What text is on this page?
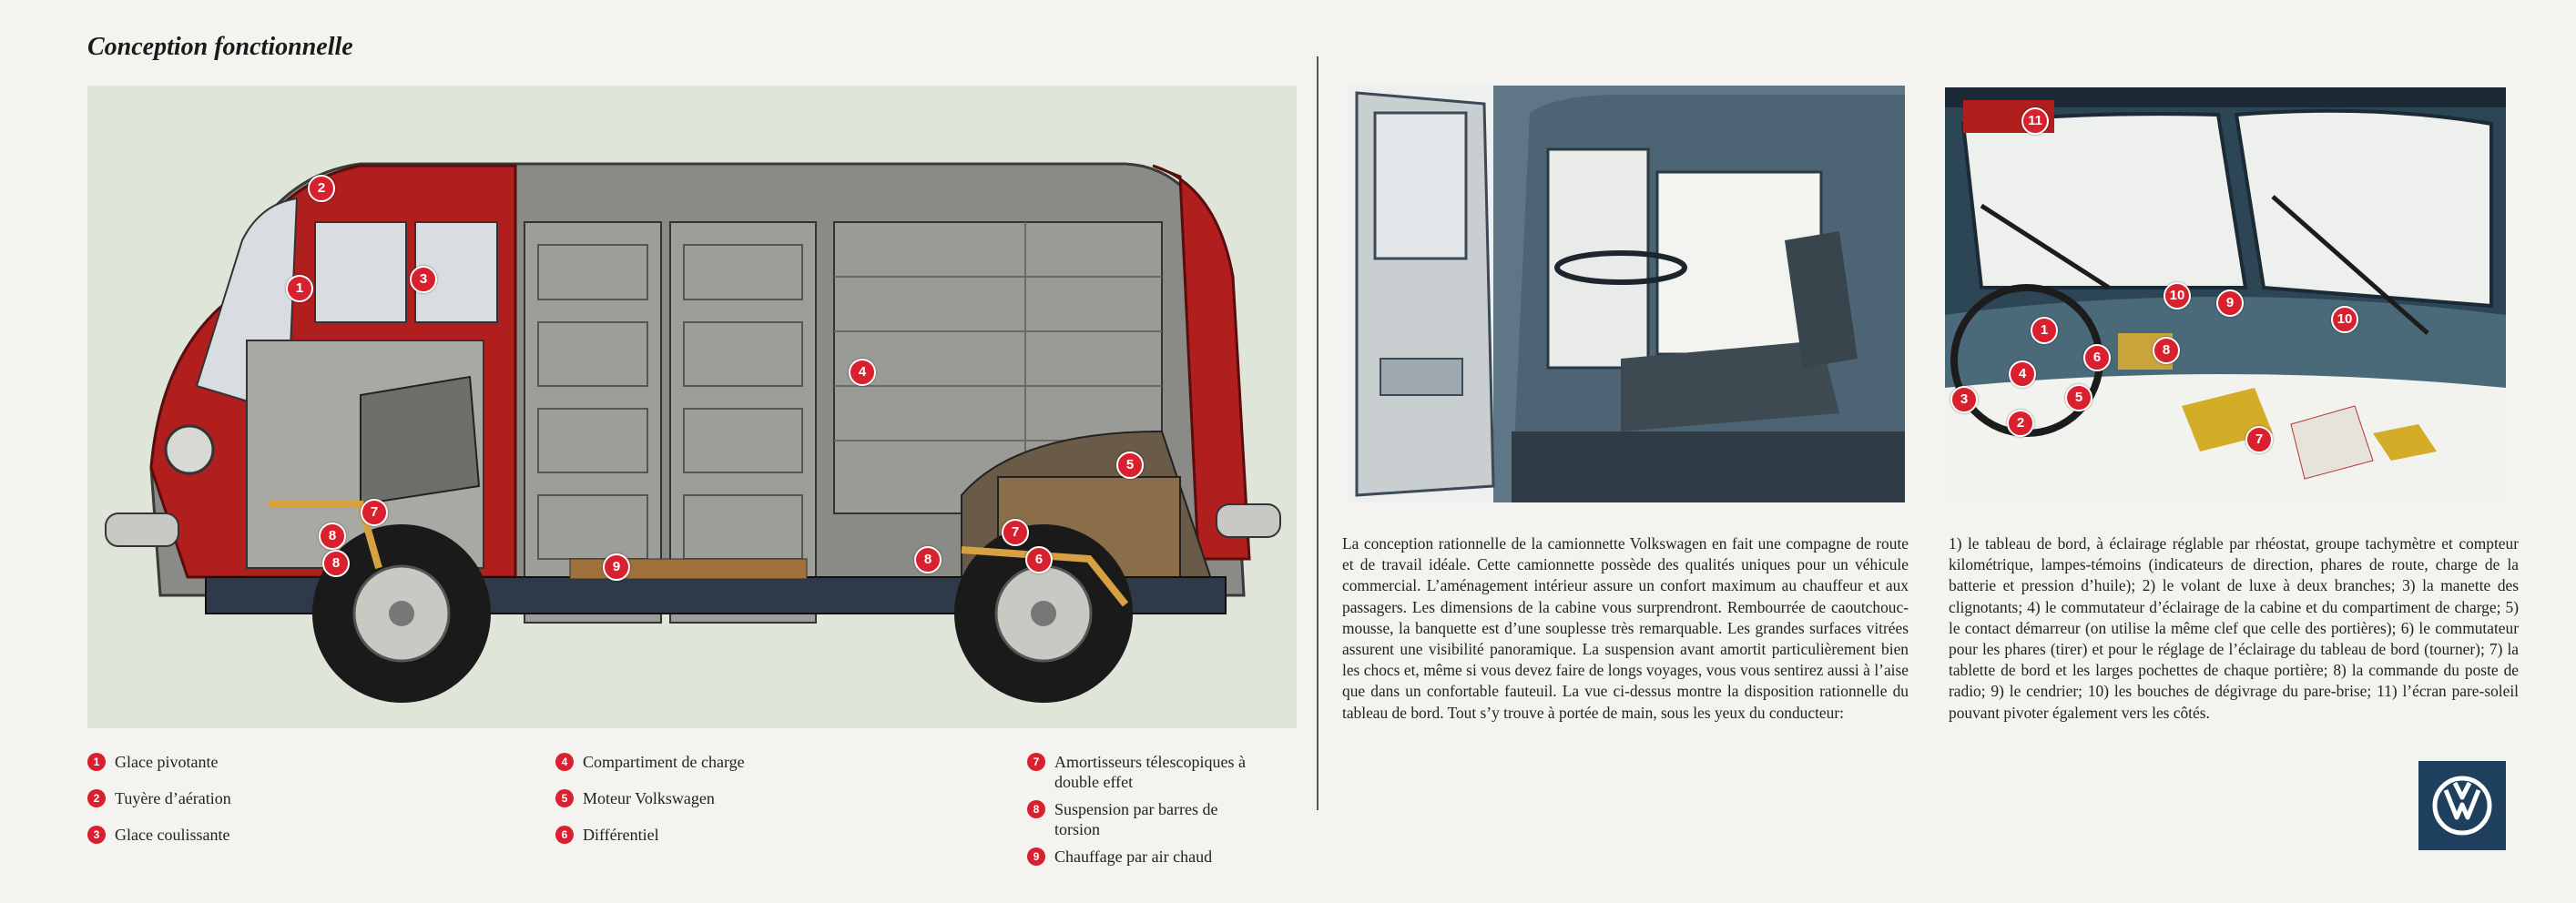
Conception fonctionnelle
2
1
3
4
5
7
8
8	9
7
8	6
1 Glace pivotante
2 Tuyère d’aération
3 Glace coulissante
4 Compartiment de charge
5 Moteur Volkswagen
6 Différentiel
7 Amortisseurs télescopiques à double effet
8 Suspension par barres de torsion
9 Chauffage par air chaud
11
10	9
10
1
6	8
4
3	5
2
7
La conception rationnelle de la camionnette Volkswagen en fait une compagne de route et de travail idéale. Cette camionnette possède des qualités uniques pour un véhicule commercial. L’aménagement intérieur assure un confort maximum au chauffeur et aux passagers. Les dimensions de la cabine vous surprendront. Rembourrée de caoutchouc-mousse, la banquette est d’une souplesse très remarquable. Les grandes surfaces vitrées assurent une visibilité panoramique. La suspension avant amortit particulièrement bien les chocs et, même si vous devez faire de longs voyages, vous vous sentirez aussi à l’aise que dans un confortable fauteuil. La vue ci-dessus montre la disposition rationnelle du tableau de bord. Tout s’y trouve à portée de main, sous les yeux du conducteur:
1) le tableau de bord, à éclairage réglable par rhéostat, groupe tachymètre et compteur kilométrique, lampes-témoins (indicateurs de direction, phares de route, charge de la batterie et pression d’huile); 2) le volant de luxe à deux branches; 3) la manette des clignotants; 4) le commutateur d’éclairage de la cabine et du compartiment de charge; 5) le contact démarreur (on utilise la même clef que celle des portières); 6) le commutateur pour les phares (tirer) et pour le réglage de l’éclairage du tableau de bord (tourner); 7) la tablette de bord et les larges pochettes de chaque portière; 8) la commande du poste de radio; 9) le cendrier; 10) les bouches de dégivrage du pare-brise; 11) l’écran pare-soleil pouvant pivoter également vers les côtés.
